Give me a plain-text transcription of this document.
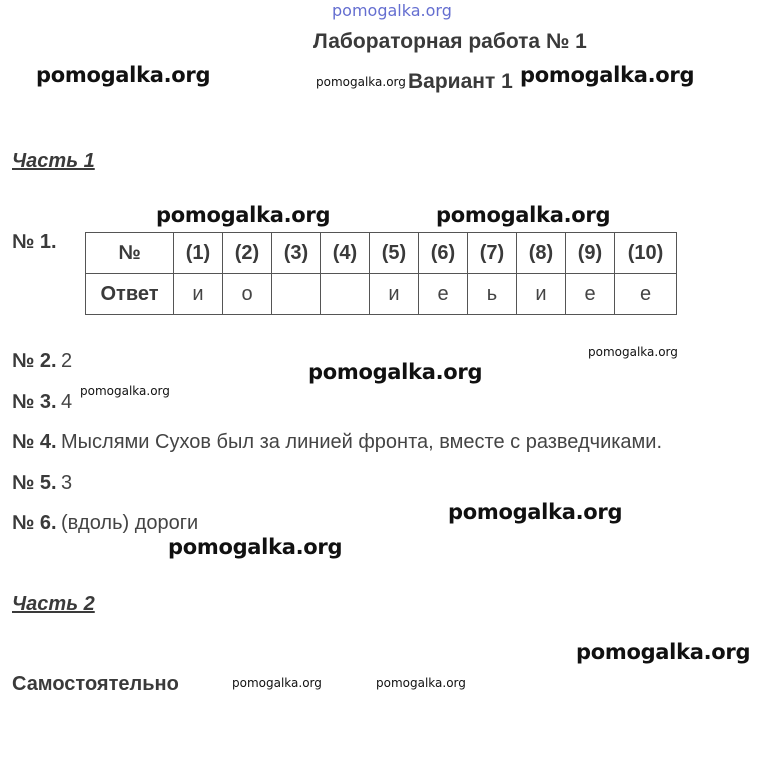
pomogalka.org
Лабораторная работа № 1
Вариант 1
pomogalka.org	pomogalka.org	pomogalka.org
Часть 1
pomogalka.org	pomogalka.org
№ 1.	№	(1)	(2)	(3)	(4)	(5)	(6)	(7)	(8)	(9)	(10)
Ответ	и	о			и	е	ь	и	е	е
№ 2. 2	pomogalka.org
pomogalka.org
№ 3. 4 pomogalka.org
№ 4. Мыслями Сухов был за линией фронта, вместе с разведчиками.
№ 5. 3
№ 6. (вдоль) дороги	pomogalka.org
pomogalka.org
Часть 2
pomogalka.org
Самостоятельно	pomogalka.org	pomogalka.org
